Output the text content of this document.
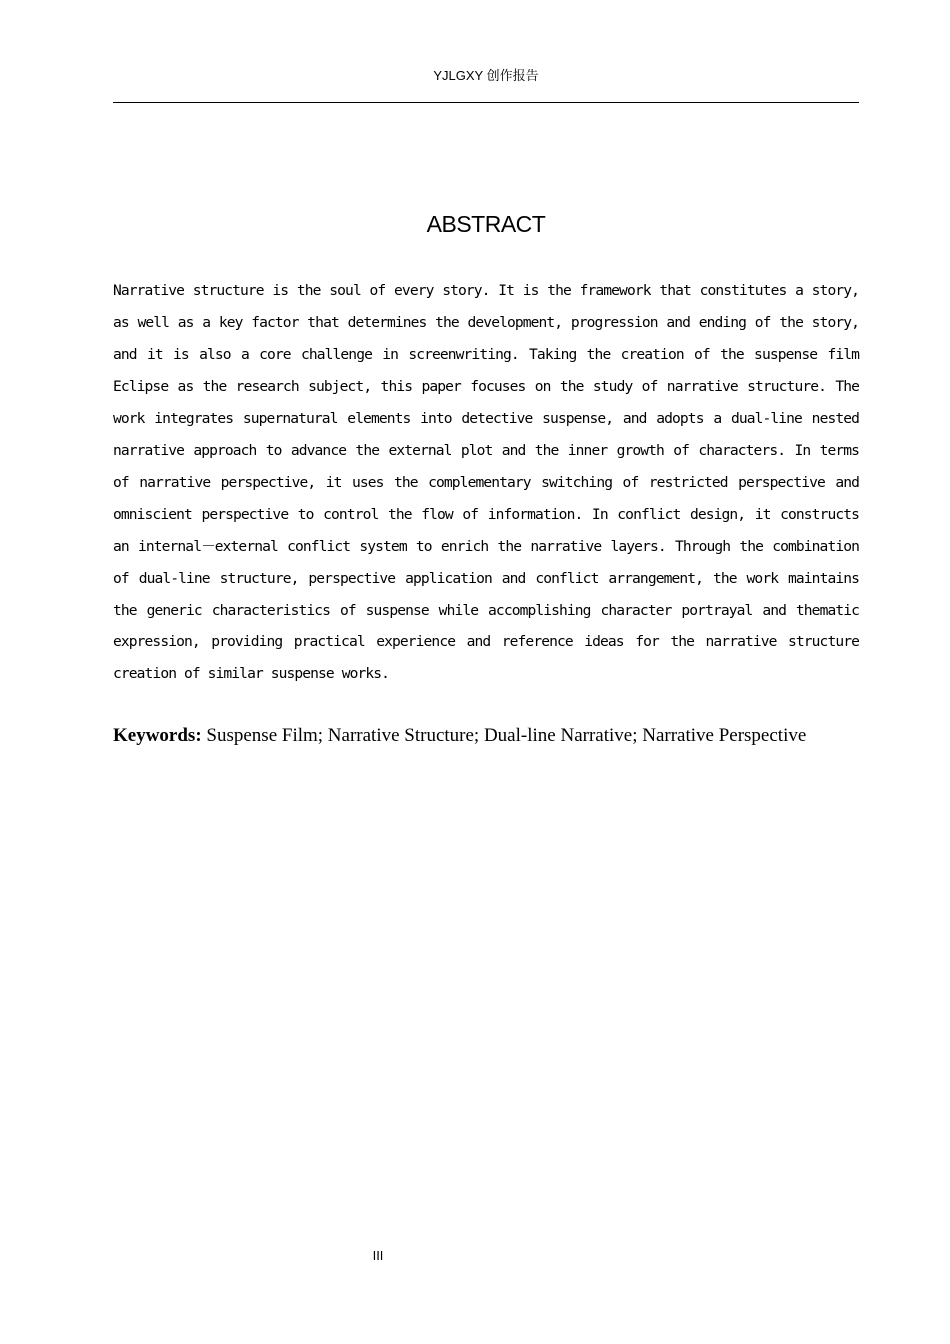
YJLGXY 创作报告
ABSTRACT

Narrative structure is the soul of every story. It is the framework that constitutes a story, as well as a key factor that determines the development, progression and ending of the story, and it is also a core challenge in screenwriting. Taking the creation of the suspense film Eclipse as the research subject, this paper focuses on the study of narrative structure. The work integrates supernatural elements into detective suspense, and adopts a dual-line nested narrative approach to advance the external plot and the inner growth of characters. In terms of narrative perspective, it uses the complementary switching of restricted perspective and omniscient perspective to control the flow of information. In conflict design, it constructs an internal－external conflict system to enrich the narrative layers. Through the combination of dual-line structure, perspective application and conflict arrangement, the work maintains the generic characteristics of suspense while accomplishing character portrayal and thematic expression, providing practical experience and reference ideas for the narrative structure creation of similar suspense works.

Keywords: Suspense Film; Narrative Structure; Dual-line Narrative; Narrative Perspective

III
